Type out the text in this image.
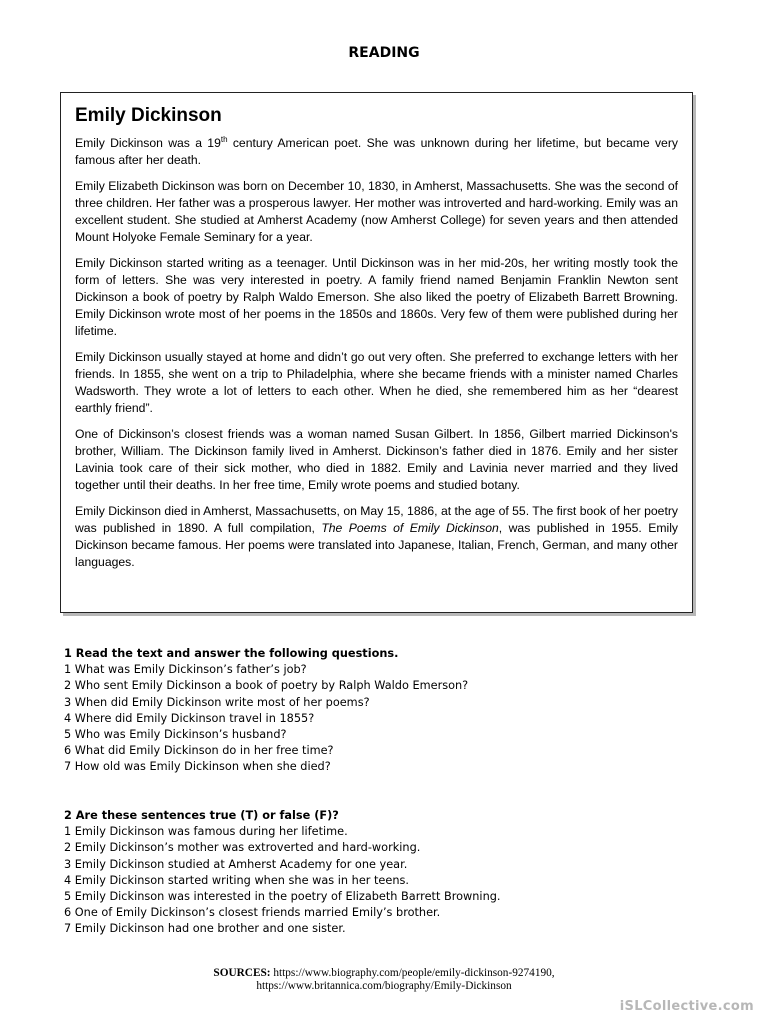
READING
Emily Dickinson

Emily Dickinson was a 19th century American poet. She was unknown during her lifetime, but became very famous after her death.

Emily Elizabeth Dickinson was born on December 10, 1830, in Amherst, Massachusetts. She was the second of three children. Her father was a prosperous lawyer. Her mother was introverted and hard-working. Emily was an excellent student. She studied at Amherst Academy (now Amherst College) for seven years and then attended Mount Holyoke Female Seminary for a year.

Emily Dickinson started writing as a teenager. Until Dickinson was in her mid-20s, her writing mostly took the form of letters. She was very interested in poetry. A family friend named Benjamin Franklin Newton sent Dickinson a book of poetry by Ralph Waldo Emerson. She also liked the poetry of Elizabeth Barrett Browning. Emily Dickinson wrote most of her poems in the 1850s and 1860s. Very few of them were published during her lifetime.

Emily Dickinson usually stayed at home and didn’t go out very often. She preferred to exchange letters with her friends. In 1855, she went on a trip to Philadelphia, where she became friends with a minister named Charles Wadsworth. They wrote a lot of letters to each other. When he died, she remembered him as her “dearest earthly friend”.

One of Dickinson’s closest friends was a woman named Susan Gilbert. In 1856, Gilbert married Dickinson's brother, William. The Dickinson family lived in Amherst. Dickinson’s father died in 1876. Emily and her sister Lavinia took care of their sick mother, who died in 1882. Emily and Lavinia never married and they lived together until their deaths. In her free time, Emily wrote poems and studied botany.

Emily Dickinson died in Amherst, Massachusetts, on May 15, 1886, at the age of 55. The first book of her poetry was published in 1890. A full compilation, The Poems of Emily Dickinson, was published in 1955. Emily Dickinson became famous. Her poems were translated into Japanese, Italian, French, German, and many other languages.

1 Read the text and answer the following questions.
1 What was Emily Dickinson’s father’s job?
2 Who sent Emily Dickinson a book of poetry by Ralph Waldo Emerson?
3 When did Emily Dickinson write most of her poems?
4 Where did Emily Dickinson travel in 1855?
5 Who was Emily Dickinson’s husband?
6 What did Emily Dickinson do in her free time?
7 How old was Emily Dickinson when she died?
2 Are these sentences true (T) or false (F)?
1 Emily Dickinson was famous during her lifetime.
2 Emily Dickinson’s mother was extroverted and hard-working.
3 Emily Dickinson studied at Amherst Academy for one year.
4 Emily Dickinson started writing when she was in her teens.
5 Emily Dickinson was interested in the poetry of Elizabeth Barrett Browning.
6 One of Emily Dickinson’s closest friends married Emily’s brother.
7 Emily Dickinson had one brother and one sister.
SOURCES: https://www.biography.com/people/emily-dickinson-9274190,
https://www.britannica.com/biography/Emily-Dickinson
iSLCollective.com
